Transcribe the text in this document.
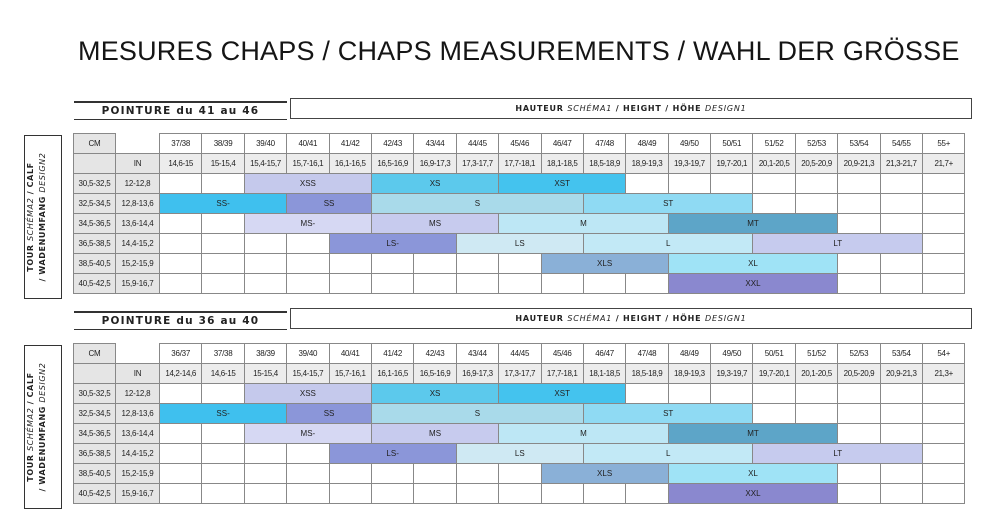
MESURES CHAPS / CHAPS MEASUREMENTS / WAHL DER GRÖSSE
POINTURE du 41 au 46	HAUTEUR SCHÉMA1 / HEIGHT / HÖHE DESIGN1
TOUR SCHÉMA2 / CALF
/ WADENUMFANG DESIGN2
CM		37/38	38/39	39/40	40/41	41/42	42/43	43/44	44/45	45/46	46/47	47/48	48/49	49/50	50/51	51/52	52/53	53/54	54/55	55+
	IN	14,6-15	15-15,4	15,4-15,7	15,7-16,1	16,1-16,5	16,5-16,9	16,9-17,3	17,3-17,7	17,7-18,1	18,1-18,5	18,5-18,9	18,9-19,3	19,3-19,7	19,7-20,1	20,1-20,5	20,5-20,9	20,9-21,3	21,3-21,7	21,7+
30,5-32,5	12-12,8			XSS			XS			XST										
32,5-34,5	12,8-13,6	SS-			SS		S					ST								
34,5-36,5	13,6-14,4			MS-			MS			M				MT						
36,5-38,5	14,4-15,2					LS-			LS			L				LT				
38,5-40,5	15,2-15,9										XLS			XL						
40,5-42,5	15,9-16,7													XXL						
POINTURE du 36 au 40	HAUTEUR SCHÉMA1 / HEIGHT / HÖHE DESIGN1
TOUR SCHÉMA2 / CALF
/ WADENUMFANG DESIGN2
CM		36/37	37/38	38/39	39/40	40/41	41/42	42/43	43/44	44/45	45/46	46/47	47/48	48/49	49/50	50/51	51/52	52/53	53/54	54+
	IN	14,2-14,6	14,6-15	15-15,4	15,4-15,7	15,7-16,1	16,1-16,5	16,5-16,9	16,9-17,3	17,3-17,7	17,7-18,1	18,1-18,5	18,5-18,9	18,9-19,3	19,3-19,7	19,7-20,1	20,1-20,5	20,5-20,9	20,9-21,3	21,3+
30,5-32,5	12-12,8			XSS			XS			XST										
32,5-34,5	12,8-13,6	SS-			SS		S					ST								
34,5-36,5	13,6-14,4			MS-			MS			M				MT						
36,5-38,5	14,4-15,2					LS-			LS			L				LT				
38,5-40,5	15,2-15,9										XLS			XL						
40,5-42,5	15,9-16,7													XXL						
